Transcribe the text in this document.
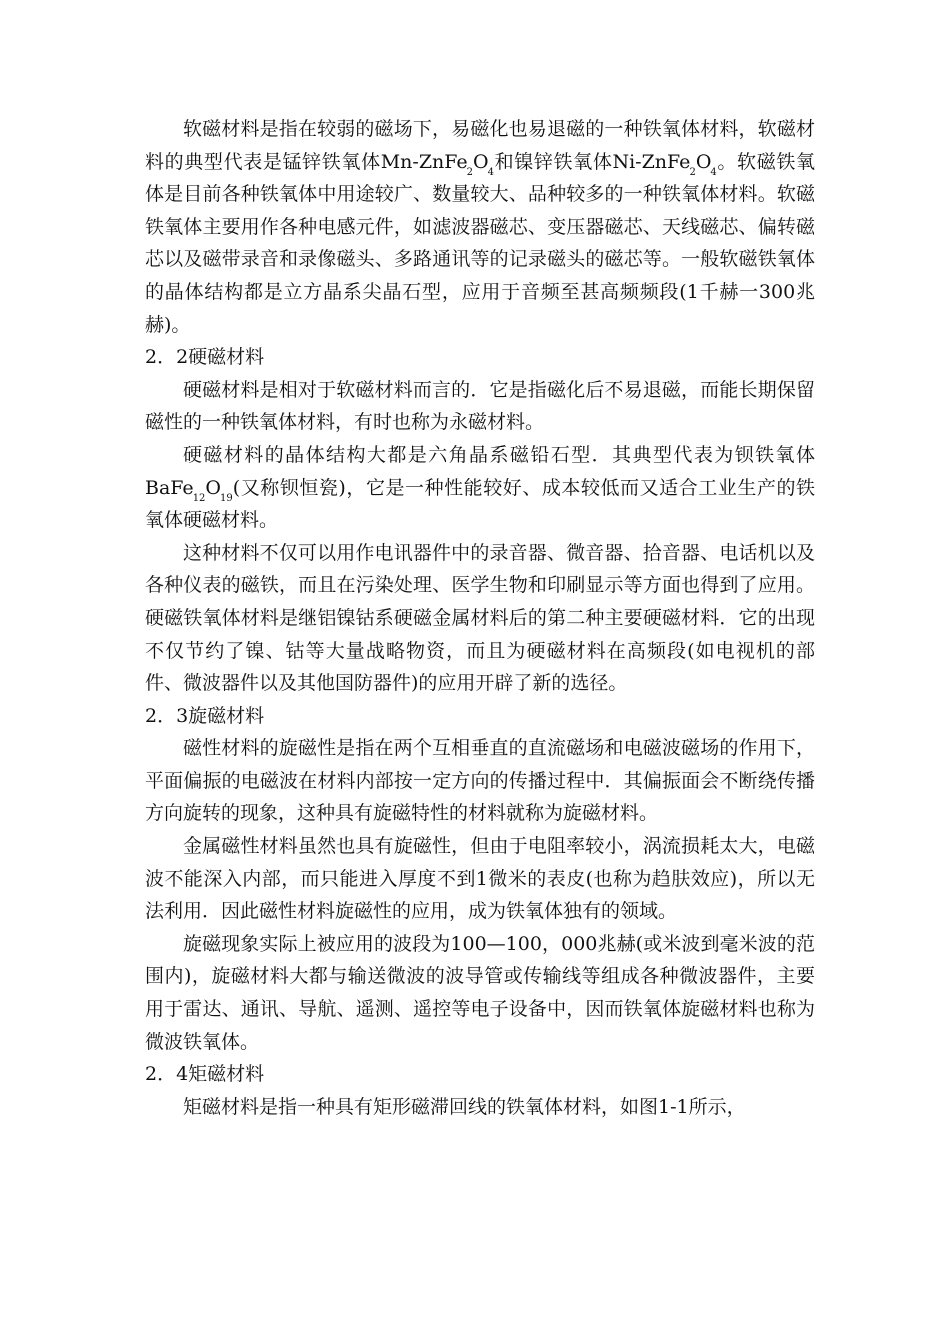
软磁材料是指在较弱的磁场下，易磁化也易退磁的一种铁氧体材料，软磁材料的典型代表是锰锌铁氧体$Mn-ZnFe_2O_4$和镍锌铁氧体$Ni-ZnFe_2O_4$。软磁铁氧体是目前各种铁氧体中用途较广、数量较大、品种较多的一种铁氧体材料。软磁铁氧体主要用作各种电感元件，如滤波器磁芯、变压器磁芯、天线磁芯、偏转磁芯以及磁带录音和录像磁头、多路通讯等的记录磁头的磁芯等。一般软磁铁氧体的晶体结构都是立方晶系尖晶石型，应用于音频至甚高频频段(1千赫一300兆赫)。

2．2硬磁材料

硬磁材料是相对于软磁材料而言的．它是指磁化后不易退磁，而能长期保留磁性的一种铁氧体材料，有时也称为永磁材料。

硬磁材料的晶体结构大都是六角晶系磁铅石型．其典型代表为钡铁氧体$BaFe_{12}O_{19}$(又称钡恒瓷)，它是一种性能较好、成本较低而又适合工业生产的铁氧体硬磁材料。

这种材料不仅可以用作电讯器件中的录音器、微音器、拾音器、电话机以及各种仪表的磁铁，而且在污染处理、医学生物和印刷显示等方面也得到了应用。硬磁铁氧体材料是继铝镍钴系硬磁金属材料后的第二种主要硬磁材料．它的出现不仅节约了镍、钴等大量战略物资，而且为硬磁材料在高频段(如电视机的部件、微波器件以及其他国防器件)的应用开辟了新的选径。

2．3旋磁材料

磁性材料的旋磁性是指在两个互相垂直的直流磁场和电磁波磁场的作用下，平面偏振的电磁波在材料内部按一定方向的传播过程中．其偏振面会不断绕传播方向旋转的现象，这种具有旋磁特性的材料就称为旋磁材料。

金属磁性材料虽然也具有旋磁性，但由于电阻率较小，涡流损耗太大，电磁波不能深入内部，而只能进入厚度不到1微米的表皮(也称为趋肤效应)，所以无法利用．因此磁性材料旋磁性的应用，成为铁氧体独有的领域。

旋磁现象实际上被应用的波段为100—100，000兆赫(或米波到毫米波的范围内)，旋磁材料大都与输送微波的波导管或传输线等组成各种微波器件，主要用于雷达、通讯、导航、遥测、遥控等电子设备中，因而铁氧体旋磁材料也称为微波铁氧体。

2．4矩磁材料

矩磁材料是指一种具有矩形磁滞回线的铁氧体材料，如图1-1所示，
